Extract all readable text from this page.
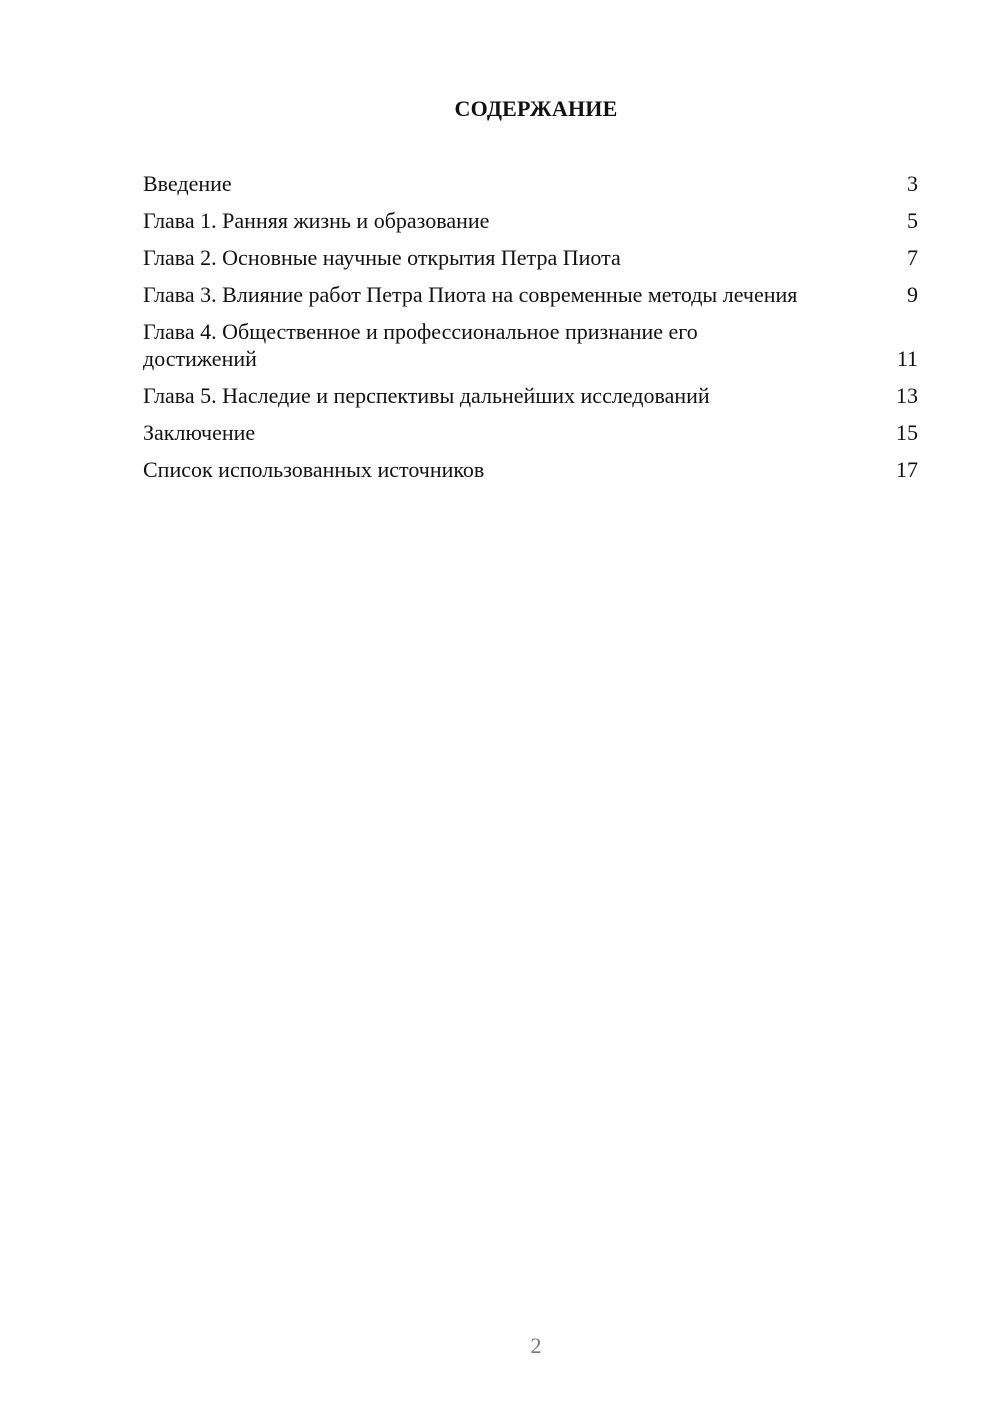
СОДЕРЖАНИЕ
Введение	3
Глава 1. Ранняя жизнь и образование	5
Глава 2. Основные научные открытия Петра Пиота	7
Глава 3. Влияние работ Петра Пиота на современные методы лечения	9
Глава 4. Общественное и профессиональное признание его достижений	11
Глава 5. Наследие и перспективы дальнейших исследований	13
Заключение	15
Список использованных источников	17
2
